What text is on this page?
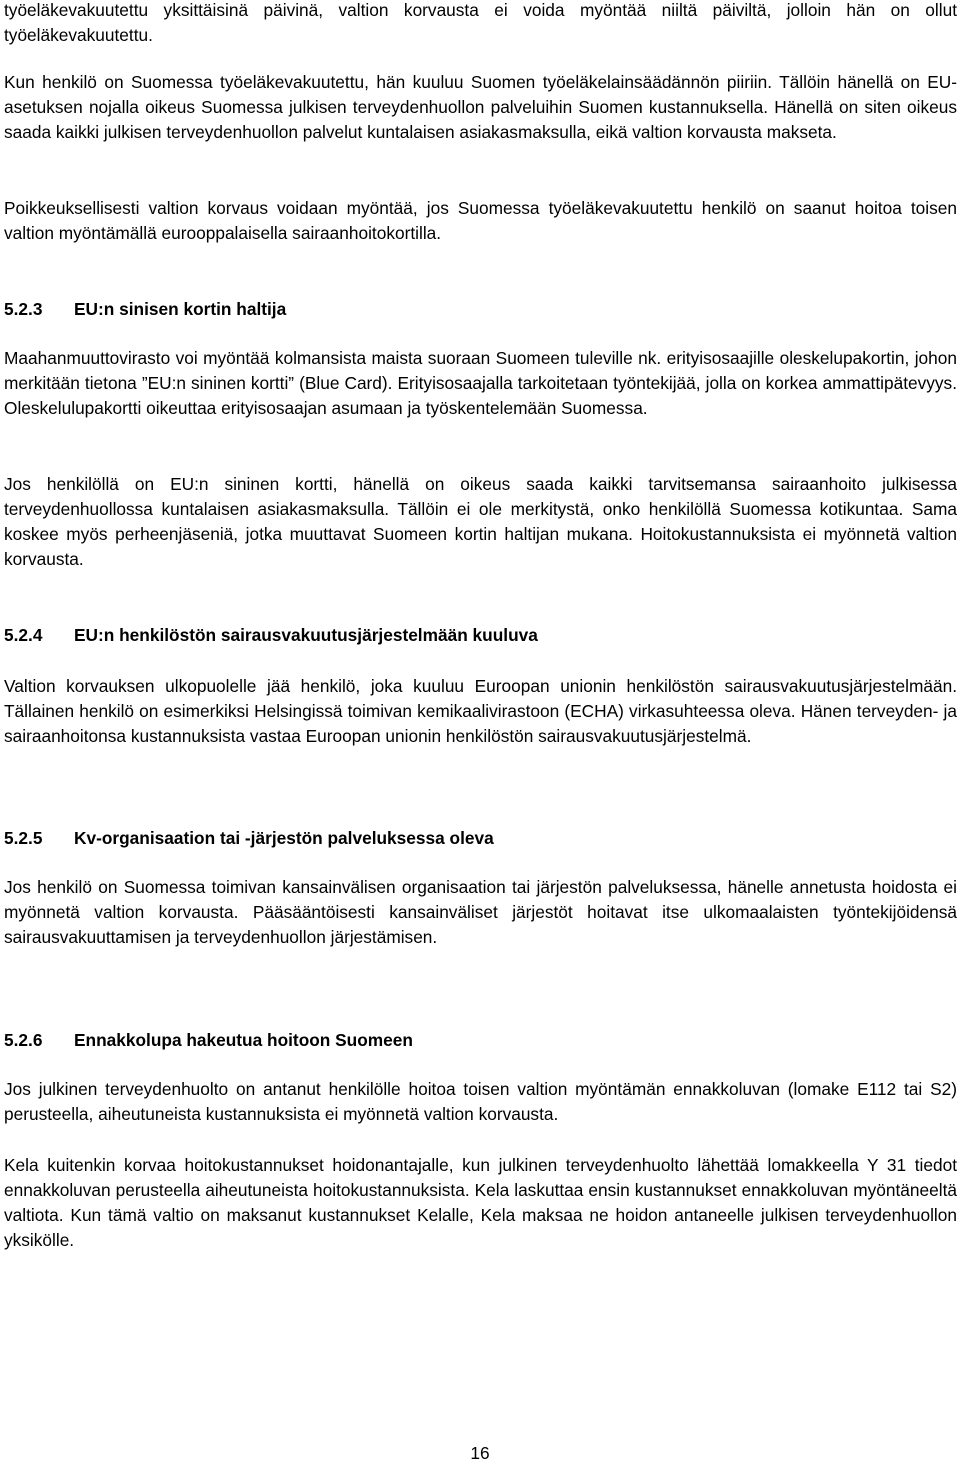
työeläkevakuutettu yksittäisinä päivinä, valtion korvausta ei voida myöntää niiltä päiviltä, jolloin hän on ollut työeläkevakuutettu.

Kun henkilö on Suomessa työeläkevakuutettu, hän kuuluu Suomen työeläkelainsäädännön piiriin. Tällöin hänellä on EU-asetuksen nojalla oikeus Suomessa julkisen terveydenhuollon palveluihin Suomen kustannuksella. Hänellä on siten oikeus saada kaikki julkisen terveydenhuollon palvelut kuntalaisen asiakasmaksulla, eikä valtion korvausta makseta.

Poikkeuksellisesti valtion korvaus voidaan myöntää, jos Suomessa työeläkevakuutettu henkilö on saanut hoitoa toisen valtion myöntämällä eurooppalaisella sairaanhoitokortilla.

5.2.3	EU:n sinisen kortin haltija

Maahanmuuttovirasto voi myöntää kolmansista maista suoraan Suomeen tuleville nk. erityisosaajille oleskelupakortin, johon merkitään tietona ”EU:n sininen kortti” (Blue Card). Erityisosaajalla tarkoitetaan työntekijää, jolla on korkea ammattipätevyys. Oleskelulupakortti oikeuttaa erityisosaajan asumaan ja työskentelemään Suomessa.

Jos henkilöllä on EU:n sininen kortti, hänellä on oikeus saada kaikki tarvitsemansa sairaanhoito julkisessa terveydenhuollossa kuntalaisen asiakasmaksulla. Tällöin ei ole merkitystä, onko henkilöllä Suomessa kotikuntaa. Sama koskee myös perheenjäseniä, jotka muuttavat Suomeen kortin haltijan mukana. Hoitokustannuksista ei myönnetä valtion korvausta.

5.2.4	EU:n henkilöstön sairausvakuutusjärjestelmään kuuluva

Valtion korvauksen ulkopuolelle jää henkilö, joka kuuluu Euroopan unionin henkilöstön sairausvakuutusjärjestelmään. Tällainen henkilö on esimerkiksi Helsingissä toimivan kemikaalivirastoon (ECHA) virkasuhteessa oleva. Hänen terveyden- ja sairaanhoitonsa kustannuksista vastaa Euroopan unionin henkilöstön sairausvakuutusjärjestelmä.

5.2.5	Kv-organisaation tai -järjestön palveluksessa oleva

Jos henkilö on Suomessa toimivan kansainvälisen organisaation tai järjestön palveluksessa, hänelle annetusta hoidosta ei myönnetä valtion korvausta. Pääsääntöisesti kansainväliset järjestöt hoitavat itse ulkomaalaisten työntekijöidensä sairausvakuuttamisen ja terveydenhuollon järjestämisen.

5.2.6	Ennakkolupa hakeutua hoitoon Suomeen

Jos julkinen terveydenhuolto on antanut henkilölle hoitoa toisen valtion myöntämän ennakkoluvan (lomake E112 tai S2) perusteella, aiheutuneista kustannuksista ei myönnetä valtion korvausta.

Kela kuitenkin korvaa hoitokustannukset hoidonantajalle, kun julkinen terveydenhuolto lähettää lomakkeella Y 31 tiedot ennakkoluvan perusteella aiheutuneista hoitokustannuksista. Kela laskuttaa ensin kustannukset ennakkoluvan myöntäneeltä valtiota. Kun tämä valtio on maksanut kustannukset Kelalle, Kela maksaa ne hoidon antaneelle julkisen terveydenhuollon yksikölle.

16
